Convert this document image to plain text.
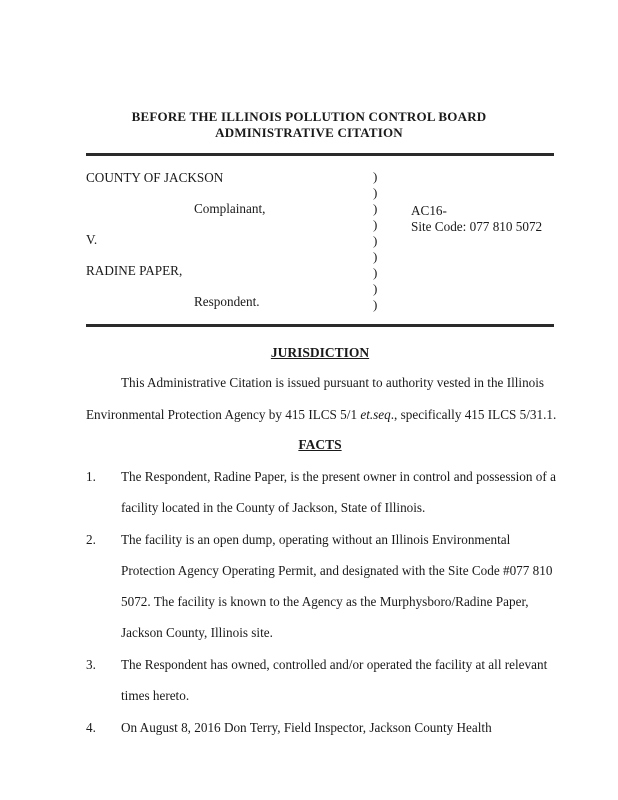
BEFORE THE ILLINOIS POLLUTION CONTROL BOARD
ADMINISTRATIVE CITATION
COUNTY OF JACKSON
Complainant,
V.
RADINE PAPER,
Respondent.
)
)
)
)
)
)
)
)
)
AC16-
Site Code: 077 810 5072
JURISDICTION
This Administrative Citation is issued pursuant to authority vested in the Illinois
Environmental Protection Agency by 415 ILCS 5/1 et.seq., specifically 415 ILCS 5/31.1.
FACTS
1. The Respondent, Radine Paper, is the present owner in control and possession of a
facility located in the County of Jackson, State of Illinois.
2. The facility is an open dump, operating without an Illinois Environmental
Protection Agency Operating Permit, and designated with the Site Code #077 810
5072. The facility is known to the Agency as the Murphysboro/Radine Paper,
Jackson County, Illinois site.
3. The Respondent has owned, controlled and/or operated the facility at all relevant
times hereto.
4. On August 8, 2016 Don Terry, Field Inspector, Jackson County Health
